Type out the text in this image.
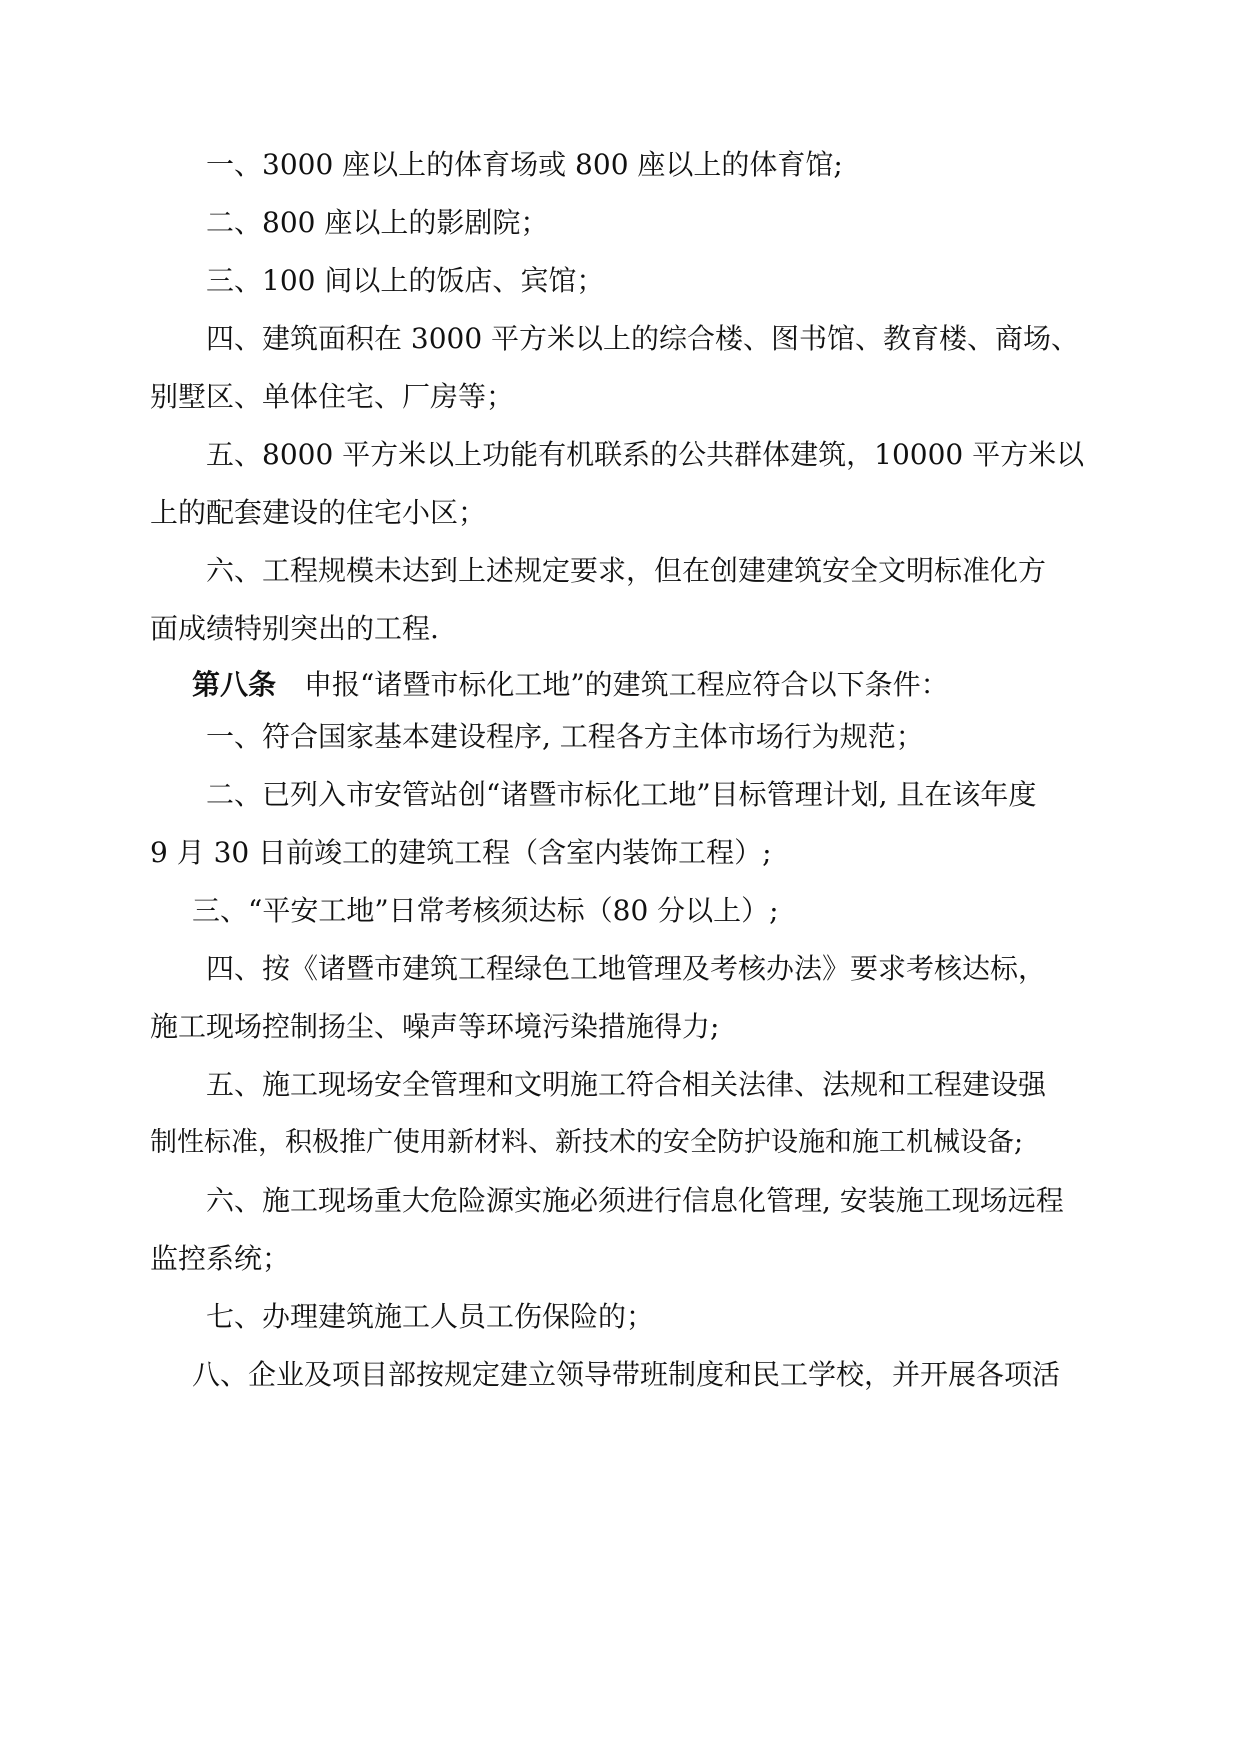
一、3000 座以上的体育场或 800 座以上的体育馆;
二、800 座以上的影剧院；
三、100 间以上的饭店、宾馆；
四、建筑面积在 3000 平方米以上的综合楼、图书馆、教育楼、商场、
别墅区、单体住宅、厂房等；
五、8000 平方米以上功能有机联系的公共群体建筑，10000 平方米以
上的配套建设的住宅小区；
六、工程规模未达到上述规定要求，但在创建建筑安全文明标准化方
面成绩特别突出的工程.
第八条 申报“诸暨市标化工地”的建筑工程应符合以下条件：
一、符合国家基本建设程序, 工程各方主体市场行为规范；
二、已列入市安管站创“诸暨市标化工地”目标管理计划, 且在该年度
9 月 30 日前竣工的建筑工程（含室内装饰工程）;
三、“平安工地”日常考核须达标（80 分以上）;
四、按《诸暨市建筑工程绿色工地管理及考核办法》要求考核达标，
施工现场控制扬尘、噪声等环境污染措施得力;
五、施工现场安全管理和文明施工符合相关法律、法规和工程建设强
制性标准，积极推广使用新材料、新技术的安全防护设施和施工机械设备;
六、施工现场重大危险源实施必须进行信息化管理, 安装施工现场远程
监控系统；
七、办理建筑施工人员工伤保险的；
八、企业及项目部按规定建立领导带班制度和民工学校，并开展各项活
